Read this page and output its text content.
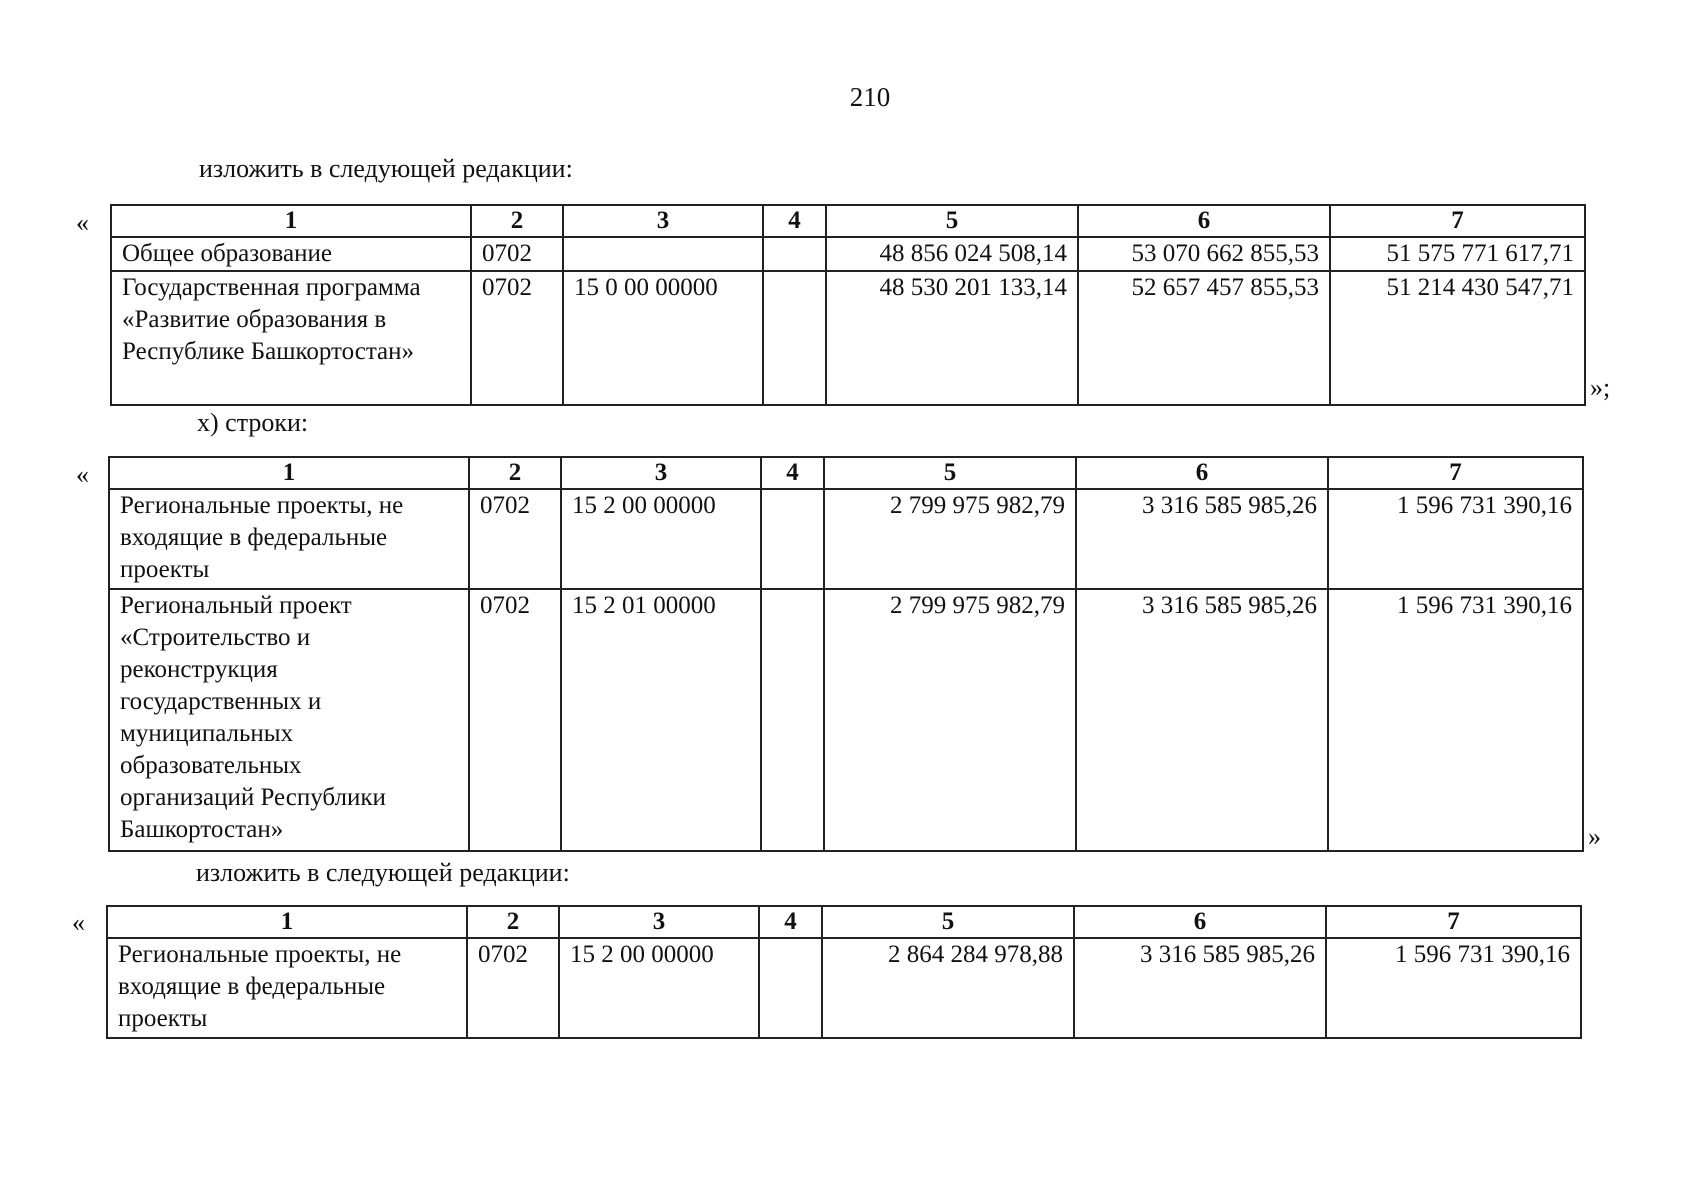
210
изложить в следующей редакции:
«	1	2	3	4	5	6	7
Общее образование	0702			48 856 024 508,14	53 070 662 855,53	51 575 771 617,71
Государственная программа «Развитие образования в Республике Башкортостан»	0702	15 0 00 00000		48 530 201 133,14	52 657 457 855,53	51 214 430 547,71
»;
х) строки:
«	1	2	3	4	5	6	7
Региональные проекты, не входящие в федеральные проекты	0702	15 2 00 00000		2 799 975 982,79	3 316 585 985,26	1 596 731 390,16
Региональный проект «Строительство и реконструкция государственных и муниципальных образовательных организаций Республики Башкортостан»	0702	15 2 01 00000		2 799 975 982,79	3 316 585 985,26	1 596 731 390,16
»
изложить в следующей редакции:
«	1	2	3	4	5	6	7
Региональные проекты, не входящие в федеральные проекты	0702	15 2 00 00000		2 864 284 978,88	3 316 585 985,26	1 596 731 390,16
